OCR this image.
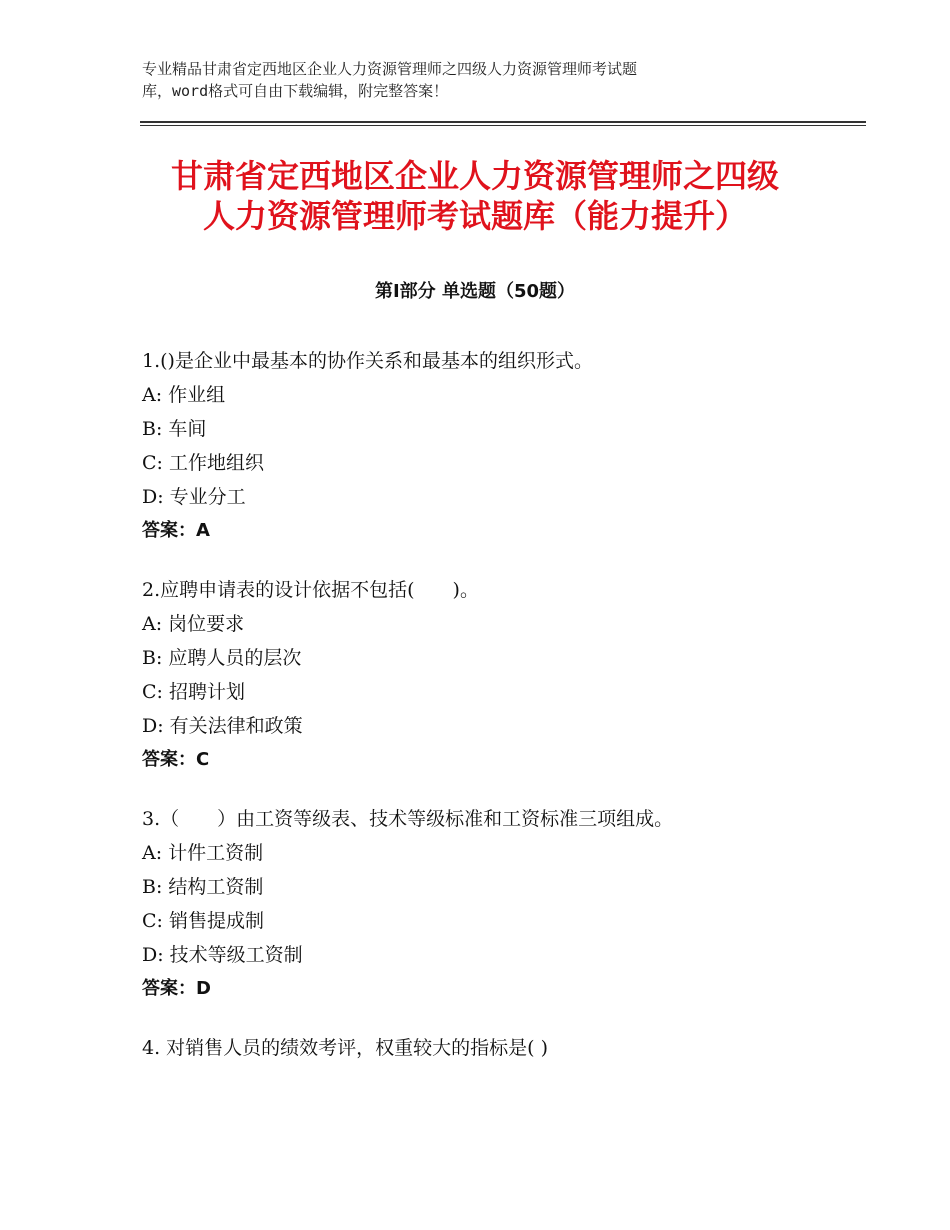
专业精品甘肃省定西地区企业人力资源管理师之四级人力资源管理师考试题
库，word格式可自由下载编辑，附完整答案！
甘肃省定西地区企业人力资源管理师之四级
人力资源管理师考试题库（能力提升）
第Ⅰ部分 单选题（50题）
1.()是企业中最基本的协作关系和最基本的组织形式。
A: 作业组
B: 车间
C: 工作地组织
D: 专业分工
答案：A
2.应聘申请表的设计依据不包括(　　)。
A: 岗位要求
B: 应聘人员的层次
C: 招聘计划
D: 有关法律和政策
答案：C
3.（　　）由工资等级表、技术等级标准和工资标准三项组成。
A: 计件工资制
B: 结构工资制
C: 销售提成制
D: 技术等级工资制
答案：D
4. 对销售人员的绩效考评，权重较大的指标是( )
